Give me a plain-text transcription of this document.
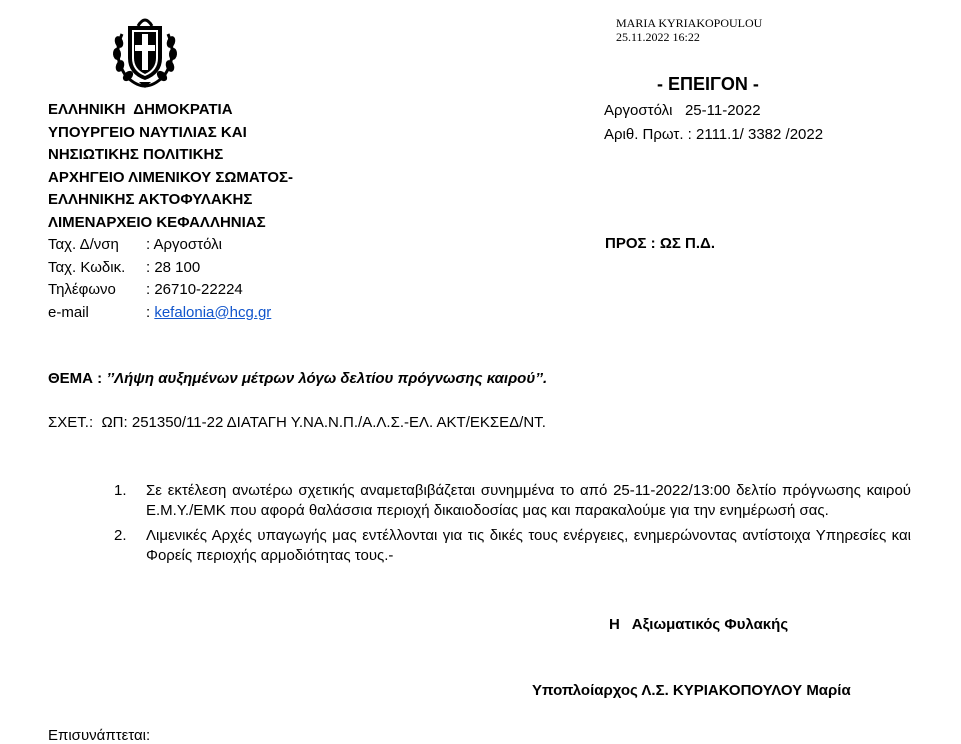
MARIA KYRIAKOPOULOU
25.11.2022 16:22
- ΕΠΕΙΓΟΝ -
ΕΛΛΗΝΙΚΗ  ΔΗΜΟΚΡΑΤΙΑ
ΥΠΟΥΡΓΕΙΟ ΝΑΥΤΙΛΙΑΣ ΚΑΙ
ΝΗΣΙΩΤΙΚΗΣ ΠΟΛΙΤΙΚΗΣ
ΑΡΧΗΓΕΙΟ ΛΙΜΕΝΙΚΟΥ ΣΩΜΑΤΟΣ-
ΕΛΛΗΝΙΚΗΣ ΑΚΤΟΦΥΛΑΚΗΣ
ΛΙΜΕΝΑΡΧΕΙΟ ΚΕΦΑΛΛΗΝΙΑΣ
Ταχ. Δ/νση : Αργοστόλι
Ταχ. Κωδικ. : 28 100
Τηλέφωνο : 26710-22224
e-mail	: kefalonia@hcg.gr
Αργοστόλι   25-11-2022
Αριθ. Πρωτ. : 2111.1/ 3382 /2022
ΠΡΟΣ : ΩΣ Π.Δ.
ΘΕΜΑ : ’’Λήψη αυξημένων μέτρων λόγω δελτίου πρόγνωσης καιρού’’.
ΣΧΕΤ.:  ΩΠ: 251350/11-22 ΔΙΑΤΑΓΗ Υ.ΝΑ.Ν.Π./Α.Λ.Σ.-ΕΛ. ΑΚΤ/ΕΚΣΕΔ/ΝΤ.
1. Σε εκτέλεση ανωτέρω σχετικής αναμεταβιβάζεται συνημμένα το από 25-11-2022/13:00 δελτίο πρόγνωσης καιρού Ε.Μ.Υ./ΕΜΚ που αφορά θαλάσσια περιοχή δικαιοδοσίας μας και παρακαλούμε για την ενημέρωσή σας.
2. Λιμενικές Αρχές υπαγωγής μας εντέλλονται για τις δικές τους ενέργειες, ενημερώνοντας αντίστοιχα Υπηρεσίες και Φορείς περιοχής αρμοδιότητας τους.-
Η   Αξιωματικός Φυλακής
Υποπλοίαρχος Λ.Σ. ΚΥΡΙΑΚΟΠΟΥΛΟΥ Μαρία
Επισυνάπτεται:
